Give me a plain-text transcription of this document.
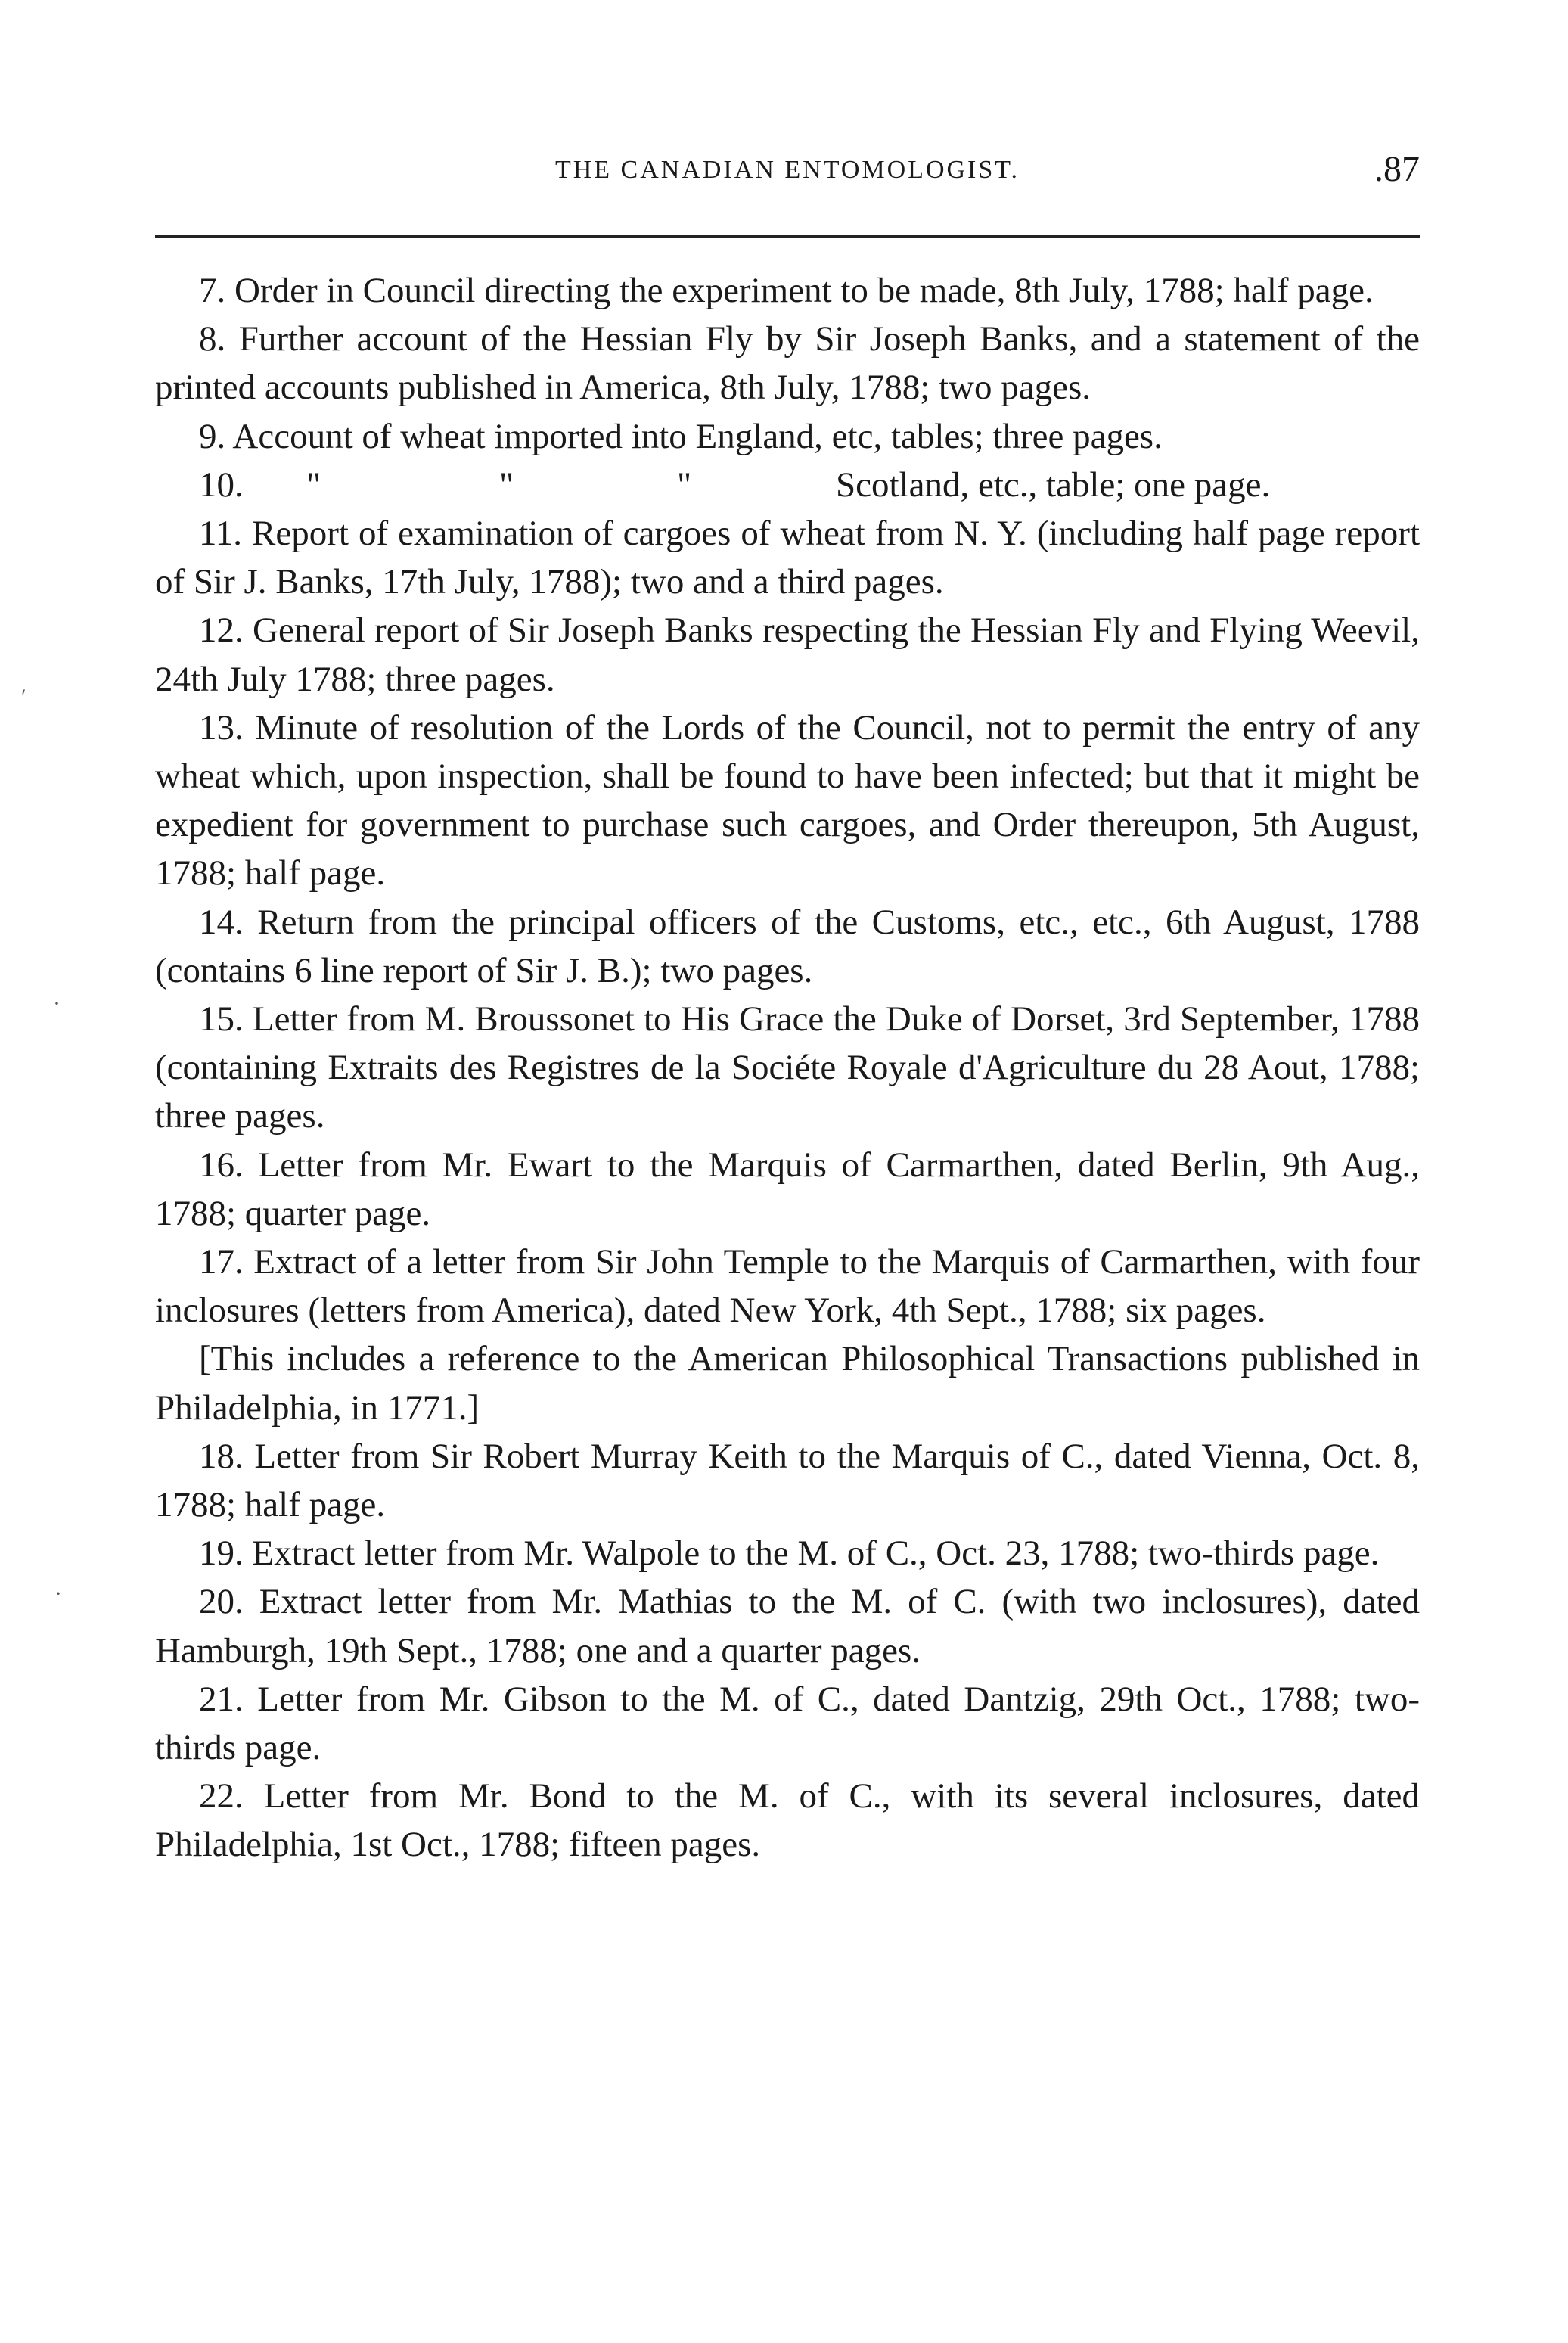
THE CANADIAN ENTOMOLOGIST.	.87

7. Order in Council directing the experiment to be made, 8th July, 1788; half page.

8. Further account of the Hessian Fly by Sir Joseph Banks, and a statement of the printed accounts published in America, 8th July, 1788; two pages.

9. Account of wheat imported into England, etc, tables; three pages.

10. "	"	"	Scotland, etc., table; one page.

11. Report of examination of cargoes of wheat from N. Y. (including half page report of Sir J. Banks, 17th July, 1788); two and a third pages.

12. General report of Sir Joseph Banks respecting the Hessian Fly and Flying Weevil, 24th July 1788; three pages.

13. Minute of resolution of the Lords of the Council, not to permit the entry of any wheat which, upon inspection, shall be found to have been infected; but that it might be expedient for government to purchase such cargoes, and Order thereupon, 5th August, 1788; half page.

14. Return from the principal officers of the Customs, etc., etc., 6th August, 1788 (contains 6 line report of Sir J. B.); two pages.

15. Letter from M. Broussonet to His Grace the Duke of Dorset, 3rd September, 1788 (containing Extraits des Registres de la Sociéte Royale d'Agriculture du 28 Aout, 1788; three pages.

16. Letter from Mr. Ewart to the Marquis of Carmarthen, dated Berlin, 9th Aug., 1788; quarter page.

17. Extract of a letter from Sir John Temple to the Marquis of Carmarthen, with four inclosures (letters from America), dated New York, 4th Sept., 1788; six pages.

[This includes a reference to the American Philosophical Transactions published in Philadelphia, in 1771.]

18. Letter from Sir Robert Murray Keith to the Marquis of C., dated Vienna, Oct. 8, 1788; half page.

19. Extract letter from Mr. Walpole to the M. of C., Oct. 23, 1788; two-thirds page.

20. Extract letter from Mr. Mathias to the M. of C. (with two inclosures), dated Hamburgh, 19th Sept., 1788; one and a quarter pages.

21. Letter from Mr. Gibson to the M. of C., dated Dantzig, 29th Oct., 1788; two-thirds page.

22. Letter from Mr. Bond to the M. of C., with its several inclosures, dated Philadelphia, 1st Oct., 1788; fifteen pages.

ʹ
·
·
